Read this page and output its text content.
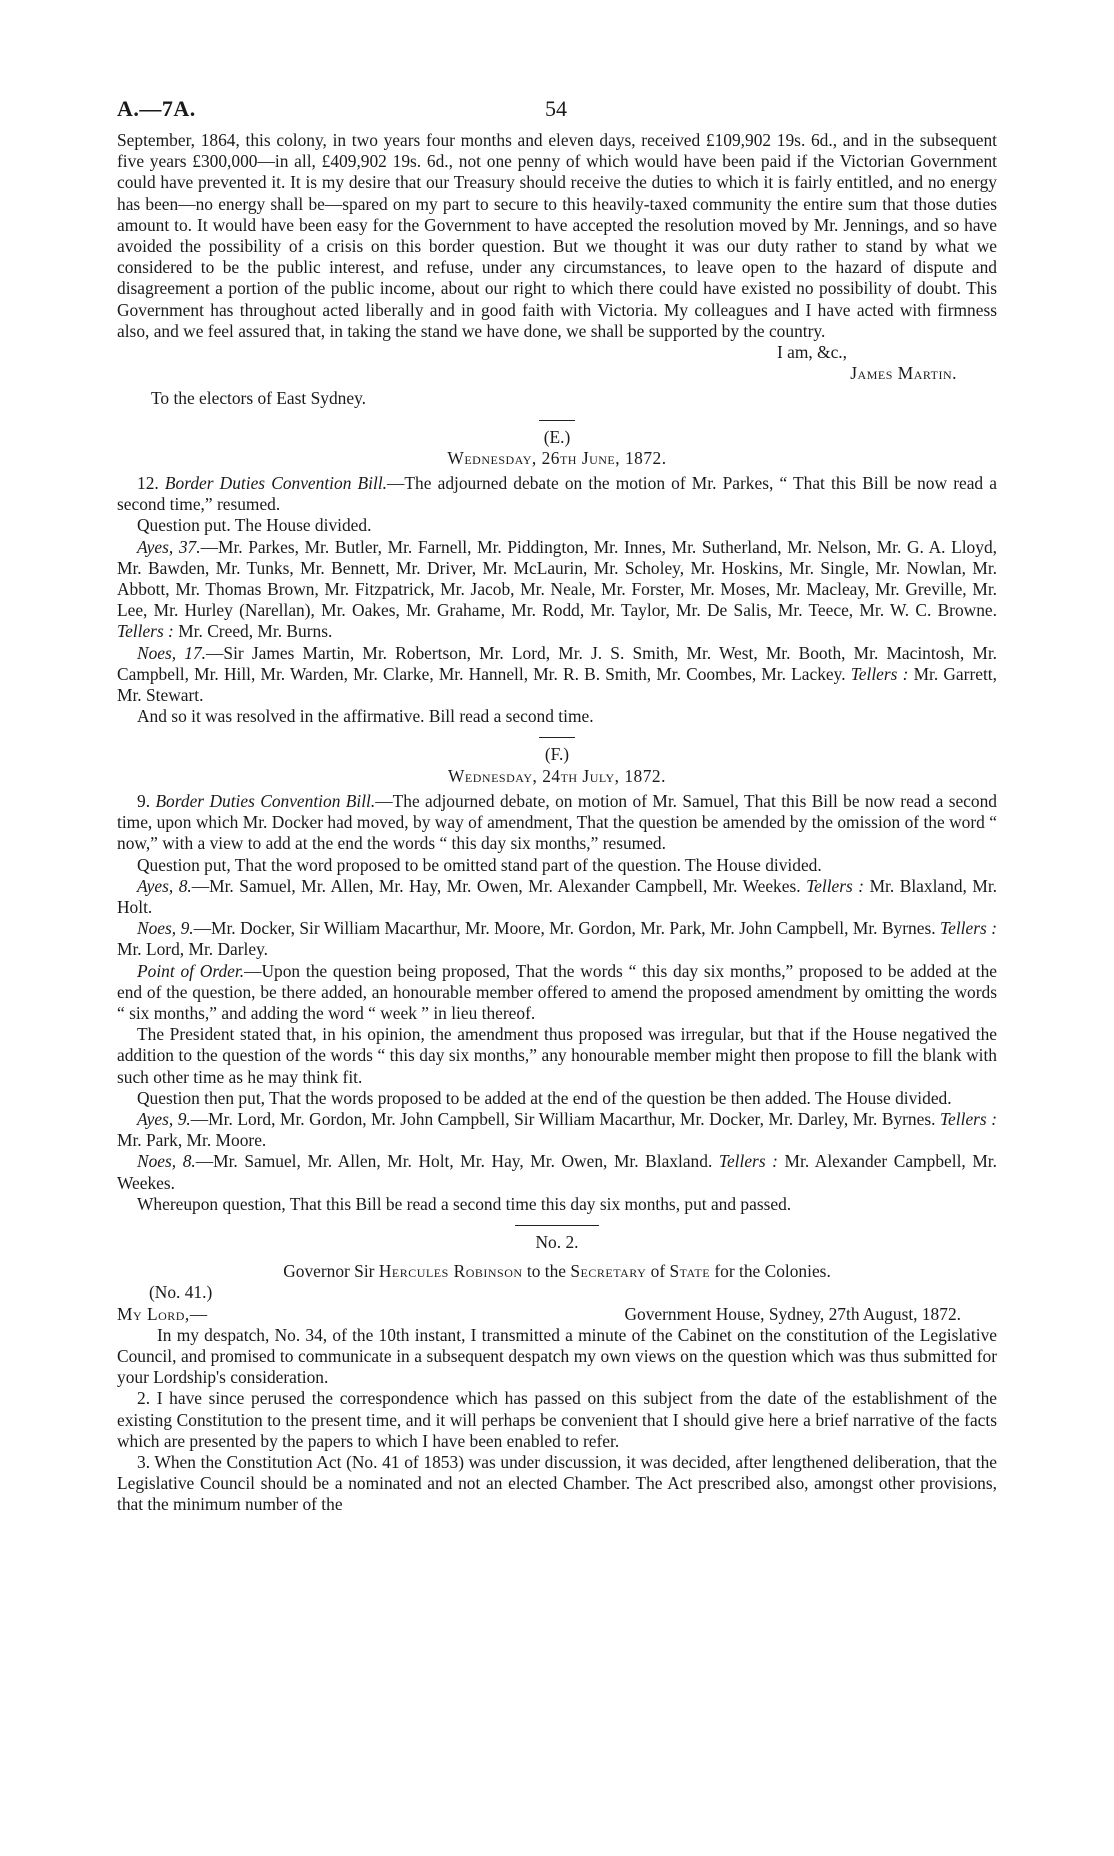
A.—7A.	54

September, 1864, this colony, in two years four months and eleven days, received £109,902 19s. 6d., and in the subsequent five years £300,000—in all, £409,902 19s. 6d., not one penny of which would have been paid if the Victorian Government could have prevented it. It is my desire that our Treasury should receive the duties to which it is fairly entitled, and no energy has been—no energy shall be—spared on my part to secure to this heavily-taxed community the entire sum that those duties amount to. It would have been easy for the Government to have accepted the resolution moved by Mr. Jennings, and so have avoided the possibility of a crisis on this border question. But we thought it was our duty rather to stand by what we considered to be the public interest, and refuse, under any circumstances, to leave open to the hazard of dispute and disagreement a portion of the public income, about our right to which there could have existed no possibility of doubt. This Government has throughout acted liberally and in good faith with Victoria. My colleagues and I have acted with firmness also, and we feel assured that, in taking the stand we have done, we shall be supported by the country.

I am, &c.,
James Martin.

To the electors of East Sydney.

(E.)
Wednesday, 26th June, 1872.

12. Border Duties Convention Bill.—The adjourned debate on the motion of Mr. Parkes, “ That this Bill be now read a second time,” resumed.

Question put. The House divided.

Ayes, 37.—Mr. Parkes, Mr. Butler, Mr. Farnell, Mr. Piddington, Mr. Innes, Mr. Sutherland, Mr. Nelson, Mr. G. A. Lloyd, Mr. Bawden, Mr. Tunks, Mr. Bennett, Mr. Driver, Mr. McLaurin, Mr. Scholey, Mr. Hoskins, Mr. Single, Mr. Nowlan, Mr. Abbott, Mr. Thomas Brown, Mr. Fitzpatrick, Mr. Jacob, Mr. Neale, Mr. Forster, Mr. Moses, Mr. Macleay, Mr. Greville, Mr. Lee, Mr. Hurley (Narellan), Mr. Oakes, Mr. Grahame, Mr. Rodd, Mr. Taylor, Mr. De Salis, Mr. Teece, Mr. W. C. Browne. Tellers : Mr. Creed, Mr. Burns.

Noes, 17.—Sir James Martin, Mr. Robertson, Mr. Lord, Mr. J. S. Smith, Mr. West, Mr. Booth, Mr. Macintosh, Mr. Campbell, Mr. Hill, Mr. Warden, Mr. Clarke, Mr. Hannell, Mr. R. B. Smith, Mr. Coombes, Mr. Lackey. Tellers : Mr. Garrett, Mr. Stewart.

And so it was resolved in the affirmative. Bill read a second time.

(F.)
Wednesday, 24th July, 1872.

9. Border Duties Convention Bill.—The adjourned debate, on motion of Mr. Samuel, That this Bill be now read a second time, upon which Mr. Docker had moved, by way of amendment, That the question be amended by the omission of the word “ now,” with a view to add at the end the words “ this day six months,” resumed.

Question put, That the word proposed to be omitted stand part of the question. The House divided.

Ayes, 8.—Mr. Samuel, Mr. Allen, Mr. Hay, Mr. Owen, Mr. Alexander Campbell, Mr. Weekes. Tellers : Mr. Blaxland, Mr. Holt.

Noes, 9.—Mr. Docker, Sir William Macarthur, Mr. Moore, Mr. Gordon, Mr. Park, Mr. John Campbell, Mr. Byrnes. Tellers : Mr. Lord, Mr. Darley.

Point of Order.—Upon the question being proposed, That the words “ this day six months,” proposed to be added at the end of the question, be there added, an honourable member offered to amend the proposed amendment by omitting the words “ six months,” and adding the word “ week ” in lieu thereof.

The President stated that, in his opinion, the amendment thus proposed was irregular, but that if the House negatived the addition to the question of the words “ this day six months,” any honourable member might then propose to fill the blank with such other time as he may think fit.

Question then put, That the words proposed to be added at the end of the question be then added. The House divided.

Ayes, 9.—Mr. Lord, Mr. Gordon, Mr. John Campbell, Sir William Macarthur, Mr. Docker, Mr. Darley, Mr. Byrnes. Tellers : Mr. Park, Mr. Moore.

Noes, 8.—Mr. Samuel, Mr. Allen, Mr. Holt, Mr. Hay, Mr. Owen, Mr. Blaxland. Tellers : Mr. Alexander Campbell, Mr. Weekes.

Whereupon question, That this Bill be read a second time this day six months, put and passed.

No. 2.
Governor Sir Hercules Robinson to the Secretary of State for the Colonies.
(No. 41.)
My Lord,—	Government House, Sydney, 27th August, 1872.

In my despatch, No. 34, of the 10th instant, I transmitted a minute of the Cabinet on the constitution of the Legislative Council, and promised to communicate in a subsequent despatch my own views on the question which was thus submitted for your Lordship's consideration.

2. I have since perused the correspondence which has passed on this subject from the date of the establishment of the existing Constitution to the present time, and it will perhaps be convenient that I should give here a brief narrative of the facts which are presented by the papers to which I have been enabled to refer.

3. When the Constitution Act (No. 41 of 1853) was under discussion, it was decided, after lengthened deliberation, that the Legislative Council should be a nominated and not an elected Chamber. The Act prescribed also, amongst other provisions, that the minimum number of the
